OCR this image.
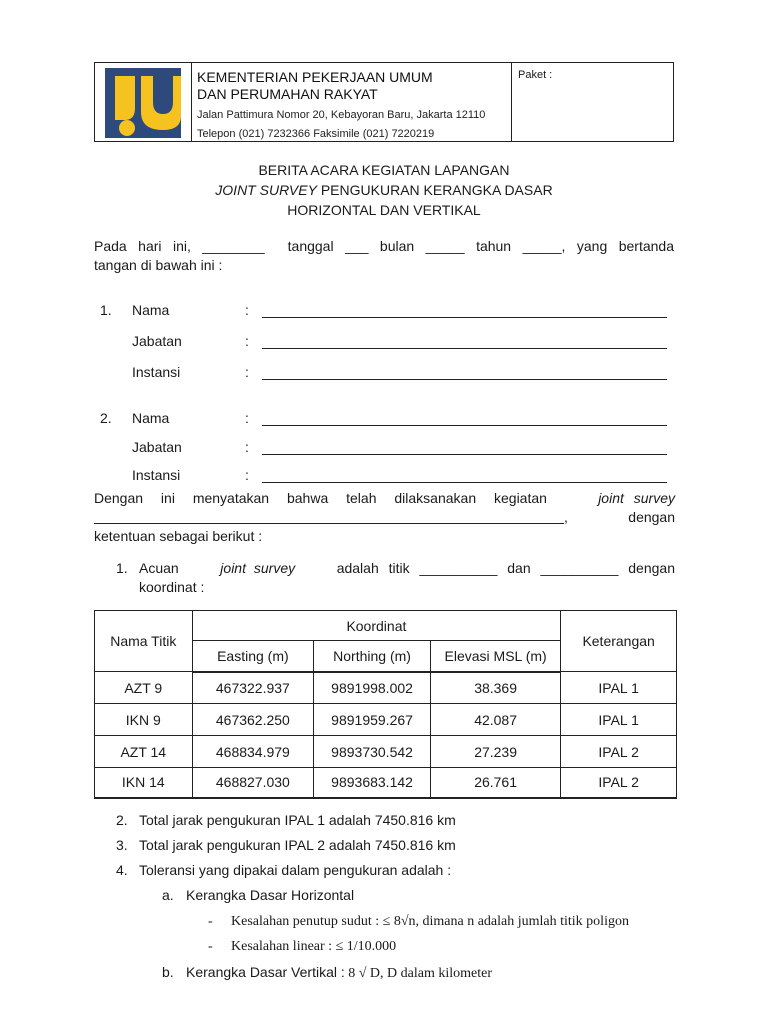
KEMENTERIAN PEKERJAAN UMUM
DAN PERUMAHAN RAKYAT
Jalan Pattimura Nomor 20, Kebayoran Baru, Jakarta 12110
Telepon (021) 7232366 Faksimile (021) 7220219
Paket :
BERITA ACARA KEGIATAN LAPANGAN
JOINT SURVEY PENGUKURAN KERANGKA DASAR
HORIZONTAL DAN VERTIKAL
Pada hari ini, ________  tanggal ___ bulan _____ tahun _____, yang bertanda
tangan di bawah ini :
1. Nama	:
Jabatan	:
Instansi	:
2. Nama	:
Jabatan	:
Instansi	:
Dengan ini menyatakan bahwa telah dilaksanakan kegiatan	joint survey
, dengan
ketentuan sebagai berikut :
1. Acuan	joint survey	adalah titik __________ dan __________ dengan
koordinat :
Nama Titik	Koordinat			Keterangan
	Easting (m)	Northing (m)	Elevasi MSL (m)	
AZT 9	467322.937	9891998.002	38.369	IPAL 1
IKN 9	467362.250	9891959.267	42.087	IPAL 1
AZT 14	468834.979	9893730.542	27.239	IPAL 2
IKN 14	468827.030	9893683.142	26.761	IPAL 2
2. Total jarak pengukuran IPAL 1 adalah 7450.816 km
3. Total jarak pengukuran IPAL 2 adalah 7450.816 km
4. Toleransi yang dipakai dalam pengukuran adalah :
a. Kerangka Dasar Horizontal
- Kesalahan penutup sudut : ≤ 8√n, dimana n adalah jumlah titik poligon
- Kesalahan linear : ≤ 1/10.000
b. Kerangka Dasar Vertikal : 8 √ D, D dalam kilometer
